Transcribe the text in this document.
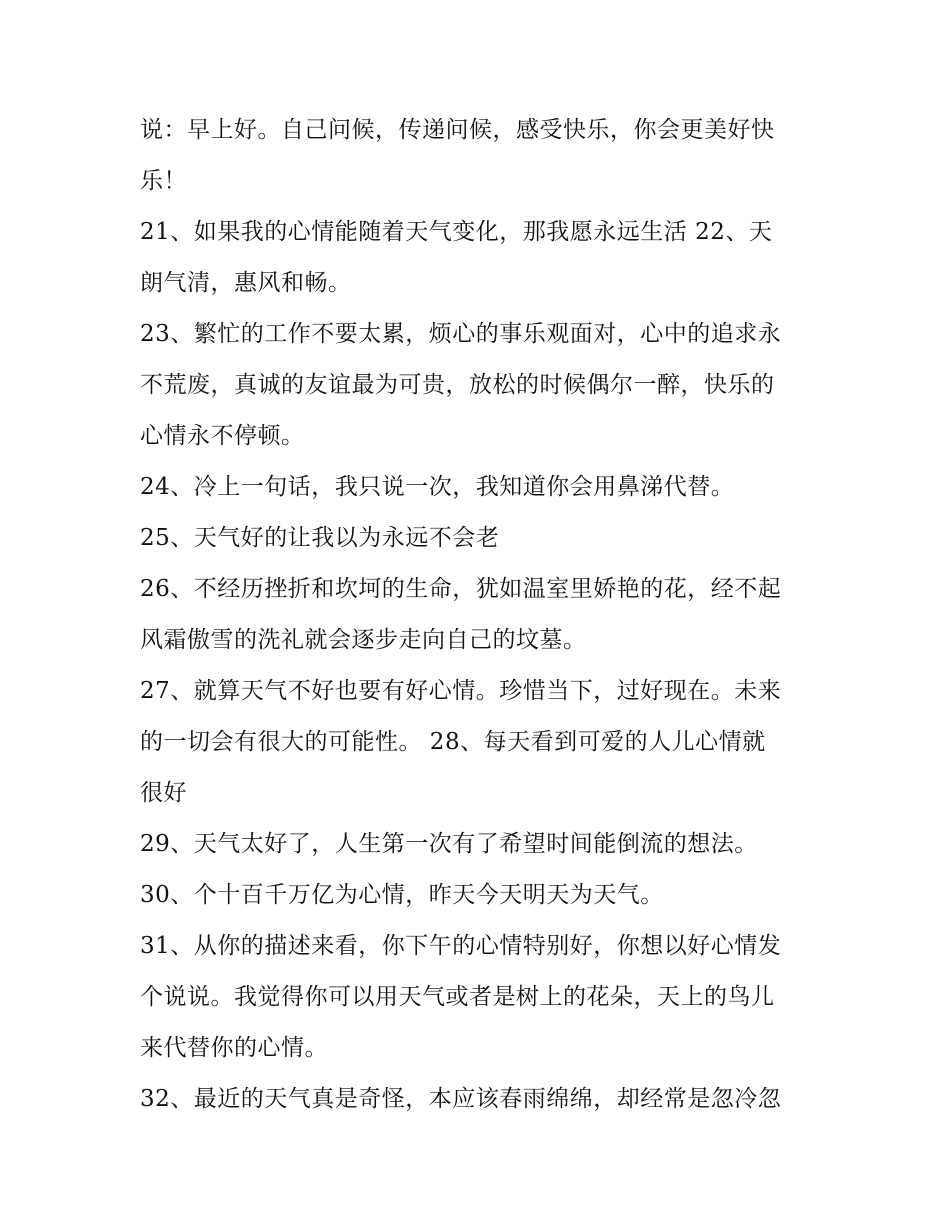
说：早上好。自己问候，传递问候，感受快乐，你会更美好快
乐！

21、如果我的心情能随着天气变化，那我愿永远生活 22、天
朗气清，惠风和畅。

23、繁忙的工作不要太累，烦心的事乐观面对，心中的追求永
不荒废，真诚的友谊最为可贵，放松的时候偶尔一醉，快乐的
心情永不停顿。

24、冷上一句话，我只说一次，我知道你会用鼻涕代替。

25、天气好的让我以为永远不会老

26、不经历挫折和坎坷的生命，犹如温室里娇艳的花，经不起
风霜傲雪的洗礼就会逐步走向自己的坟墓。

27、就算天气不好也要有好心情。珍惜当下，过好现在。未来
的一切会有很大的可能性。 28、每天看到可爱的人儿心情就
很好

29、天气太好了，人生第一次有了希望时间能倒流的想法。

30、个十百千万亿为心情，昨天今天明天为天气。

31、从你的描述来看，你下午的心情特别好，你想以好心情发
个说说。我觉得你可以用天气或者是树上的花朵，天上的鸟儿
来代替你的心情。

32、最近的天气真是奇怪，本应该春雨绵绵，却经常是忽冷忽
